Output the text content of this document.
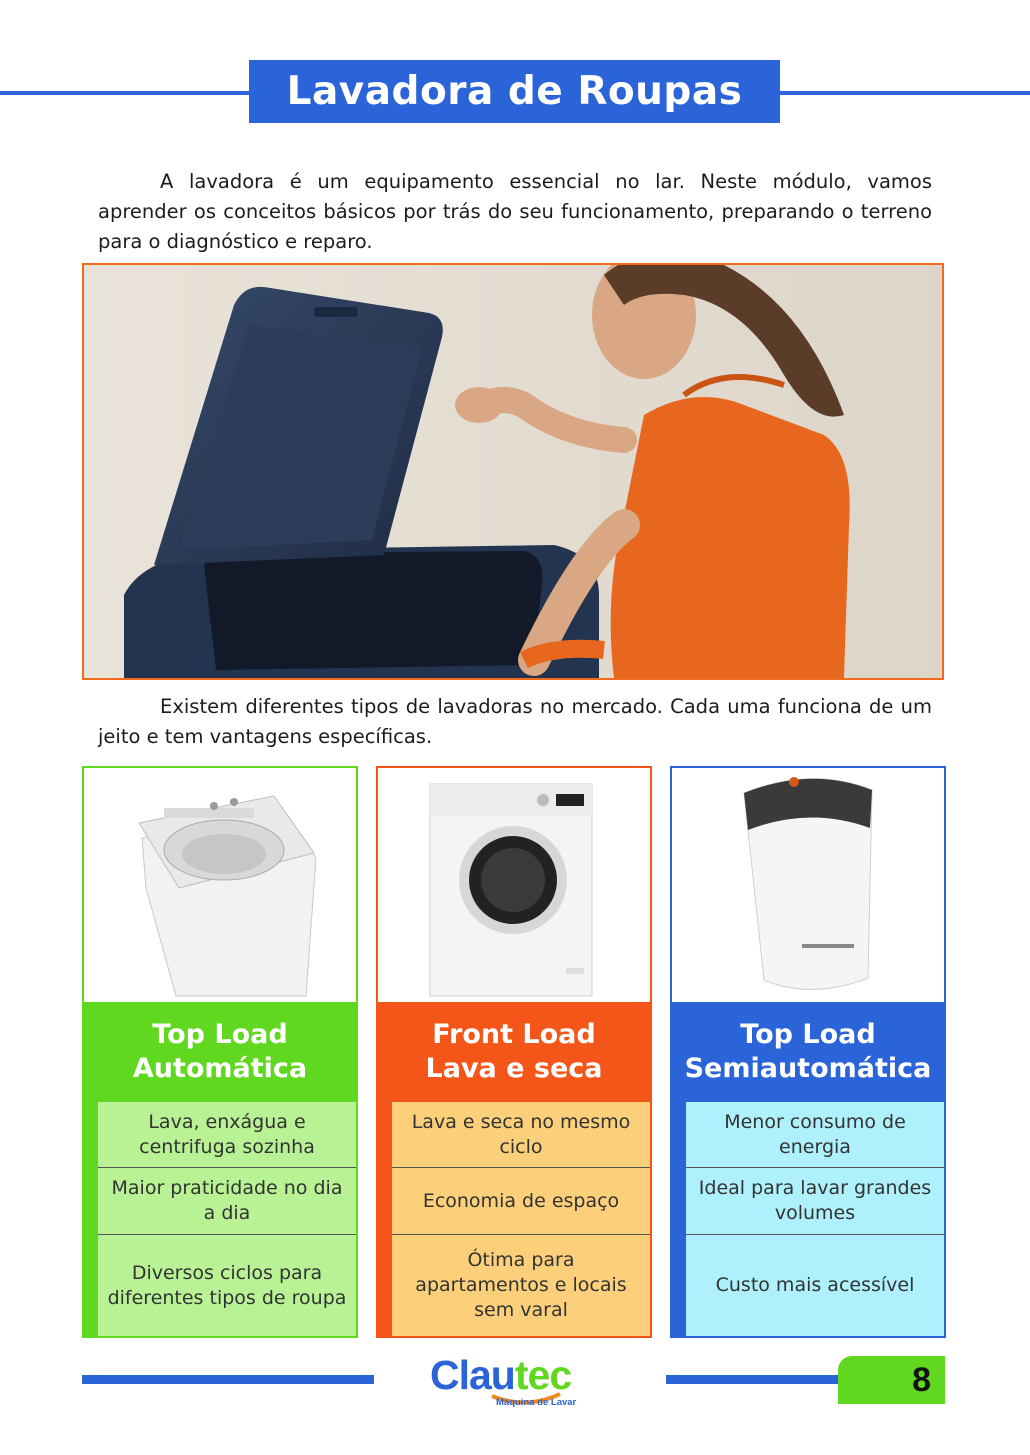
Lavadora de Roupas
A lavadora é um equipamento essencial no lar. Neste módulo, vamos aprender os conceitos básicos por trás do seu funcionamento, preparando o terreno para o diagnóstico e reparo.
Existem diferentes tipos de lavadoras no mercado. Cada uma funciona de um jeito e tem vantagens específicas.
Top Load
Automática
Lava, enxágua e centrifuga sozinha
Maior praticidade no dia a dia
Diversos ciclos para diferentes tipos de roupa
Front Load
Lava e seca
Lava e seca no mesmo ciclo
Economia de espaço
Ótima para apartamentos e locais sem varal
Top Load
Semiautomática
Menor consumo de energia
Ideal para lavar grandes volumes
Custo mais acessível
Clautec
Máquina de Lavar
8
